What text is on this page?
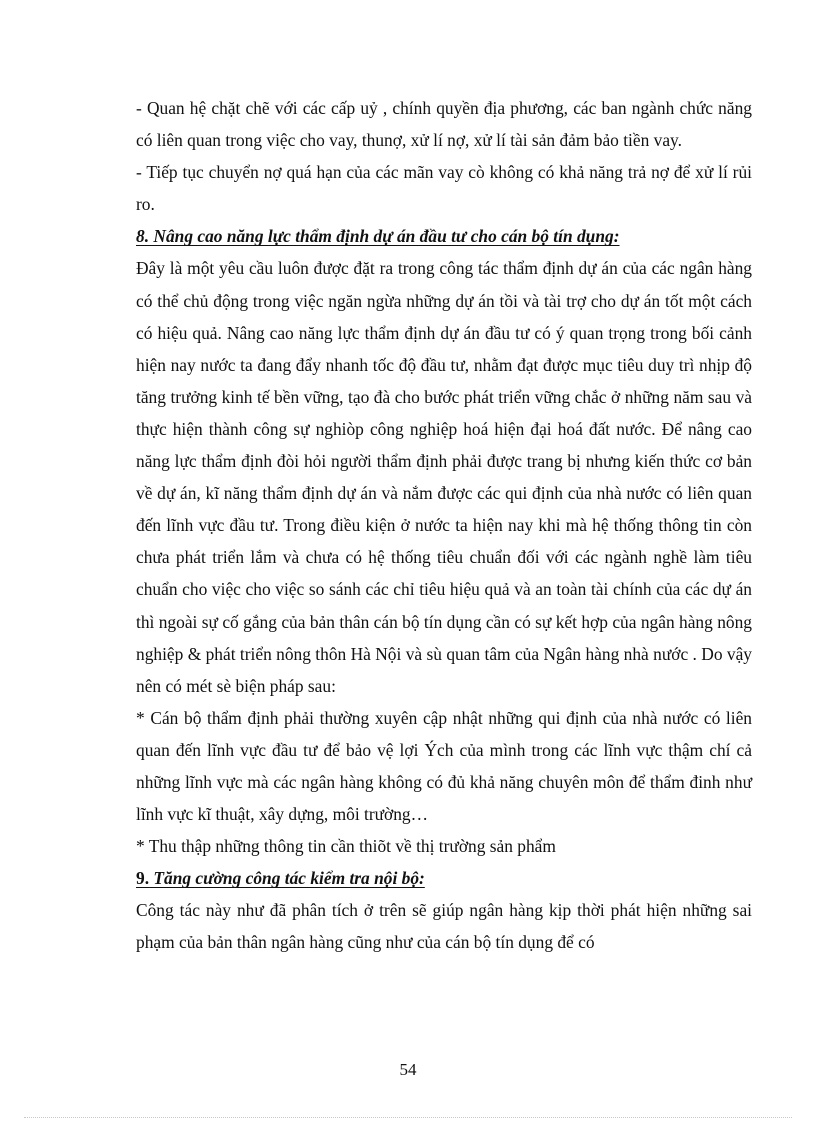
- Quan hệ chặt chẽ với các cấp uỷ , chính quyền địa phương, các ban ngành chức năng có liên quan trong việc cho vay, thunợ, xử lí nợ, xử lí tài sản đảm bảo tiền vay.

- Tiếp tục chuyển nợ quá hạn của các mãn vay cò không có khả năng trả nợ để xử lí rủi ro.

8. Nâng cao năng lực thẩm định dự án đầu tư cho cán bộ tín dụng:

Đây là một yêu cầu luôn được đặt ra trong công tác thẩm định dự án của các ngân hàng có thể chủ động trong việc ngăn ngừa những dự án tồi và tài trợ cho dự án tốt một cách có hiệu quả. Nâng cao năng lực thẩm định dự án đầu tư có ý quan trọng trong bối cảnh hiện nay nước ta đang đẩy nhanh tốc độ đầu tư, nhằm đạt được mục tiêu duy trì nhịp độ tăng trưởng kinh tế bền vững, tạo đà cho bước phát triển vững chắc ở những năm sau và thực hiện thành công sự nghiòp công nghiệp hoá hiện đại hoá đất nước. Để nâng cao năng lực thẩm định đòi hỏi người thẩm định phải được trang bị nhưng kiến thức cơ bản về dự án, kĩ năng thẩm định dự án và nắm được các qui định của nhà nước có liên quan đến lĩnh vực đầu tư. Trong điều kiện ở nước ta hiện nay khi mà hệ thống thông tin còn chưa phát triển lắm và chưa có hệ thống tiêu chuẩn đối với các ngành nghề làm tiêu chuẩn cho việc cho việc so sánh các chỉ tiêu hiệu quả và an toàn tài chính của các dự án thì ngoài sự cố gắng của bản thân cán bộ tín dụng cần có sự kết hợp của ngân hàng nông nghiệp & phát triển nông thôn Hà Nội và sù quan tâm của Ngân hàng nhà nước . Do vậy nên có mét sè biện pháp sau:

* Cán bộ thẩm định phải thường xuyên cập nhật những qui định của nhà nước có liên quan đến lĩnh vực đầu tư để bảo vệ lợi Ých của mình trong các lĩnh vực thậm chí cả những lĩnh vực mà các ngân hàng không có đủ khả năng chuyên môn để thẩm đinh như lĩnh vực kĩ thuật, xây dựng, môi trường…

* Thu thập những thông tin cần thiõt về thị trường sản phẩm

9. Tăng cường công tác kiểm tra nội bộ:

Công tác này như đã phân tích ở trên sẽ giúp ngân hàng kịp thời phát hiện những sai phạm của bản thân ngân hàng cũng như của cán bộ tín dụng để có

54
